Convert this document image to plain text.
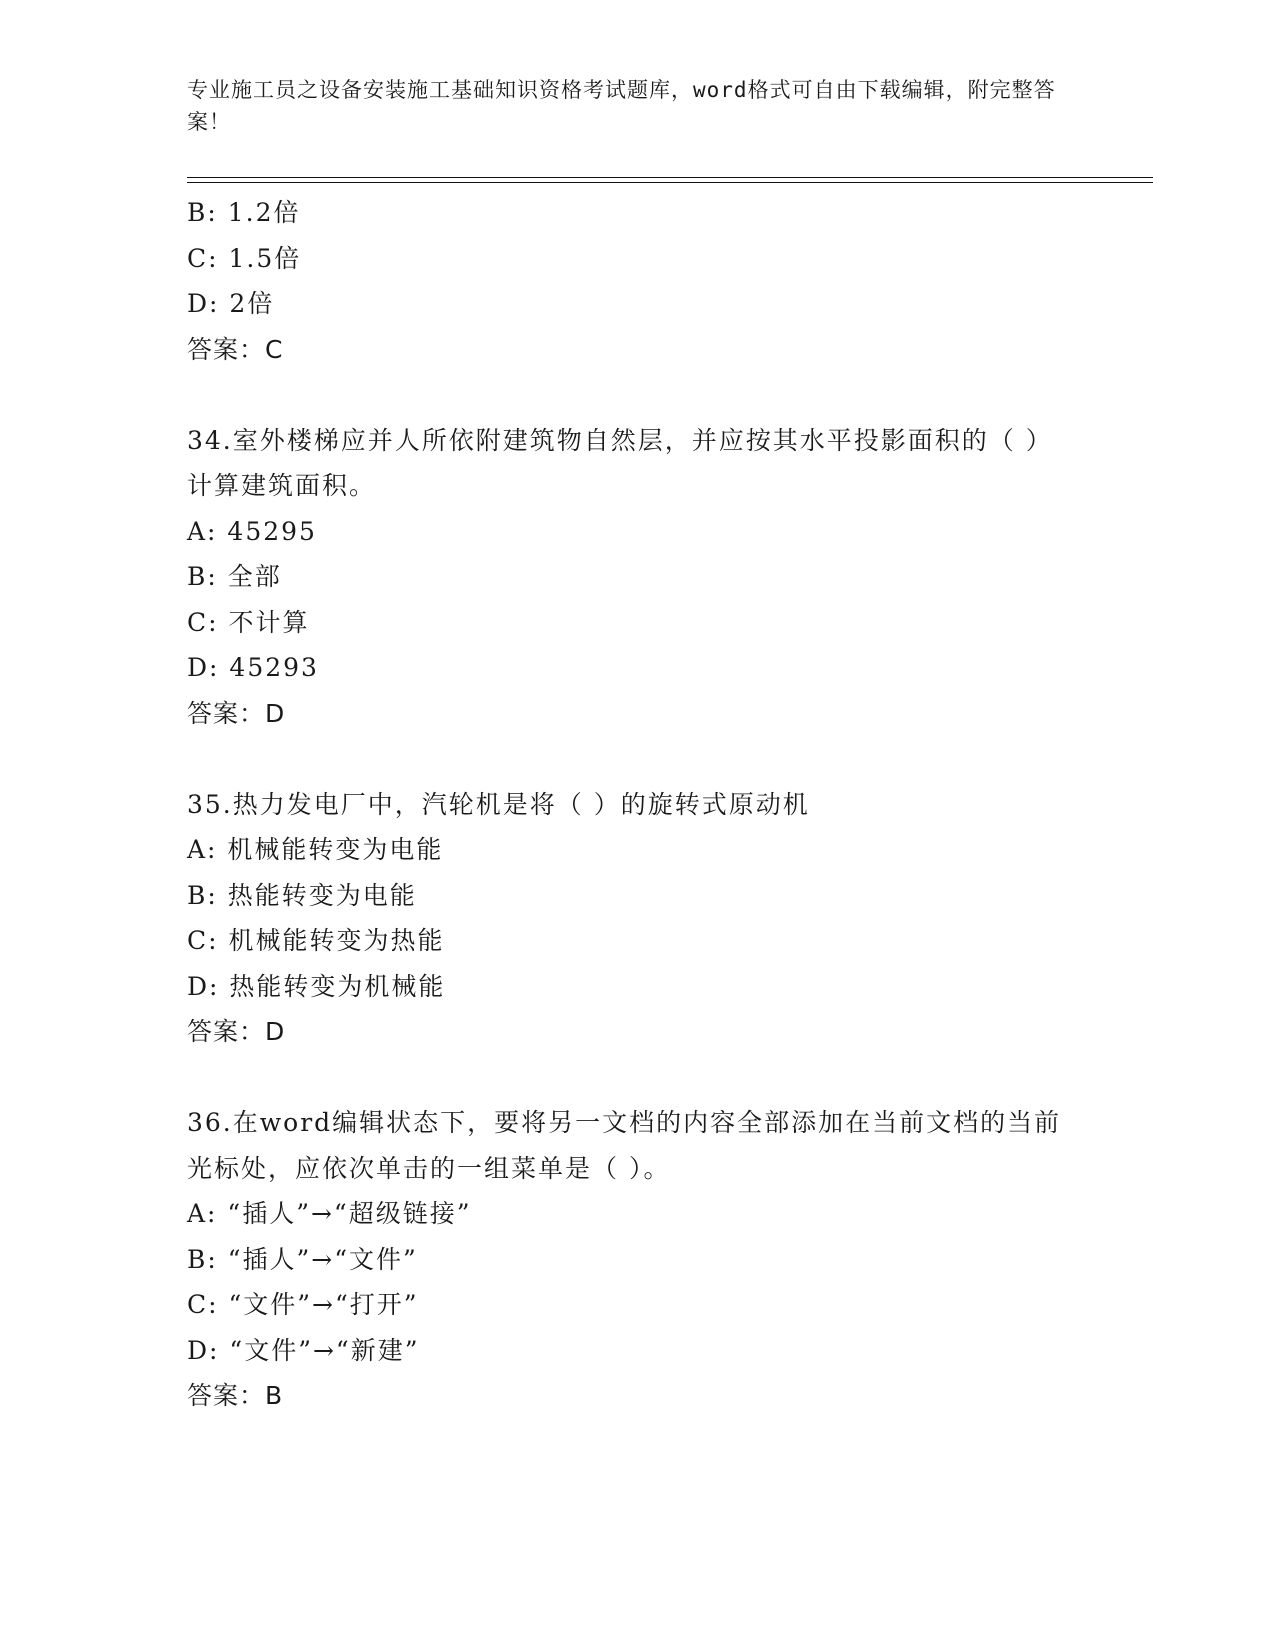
专业施工员之设备安装施工基础知识资格考试题库，word格式可自由下载编辑，附完整答案！
B: 1.2倍
C: 1.5倍
D: 2倍
答案：C
34.室外楼梯应并人所依附建筑物自然层，并应按其水平投影面积的（ ）计算建筑面积。
A: 45295
B: 全部
C: 不计算
D: 45293
答案：D
35.热力发电厂中，汽轮机是将（ ）的旋转式原动机
A: 机械能转变为电能
B: 热能转变为电能
C: 机械能转变为热能
D: 热能转变为机械能
答案：D
36.在word编辑状态下，要将另一文档的内容全部添加在当前文档的当前光标处，应依次单击的一组菜单是（ ）。
A: “插人”→“超级链接”
B: “插人”→“文件”
C: “文件”→“打开”
D: “文件”→“新建”
答案：B
